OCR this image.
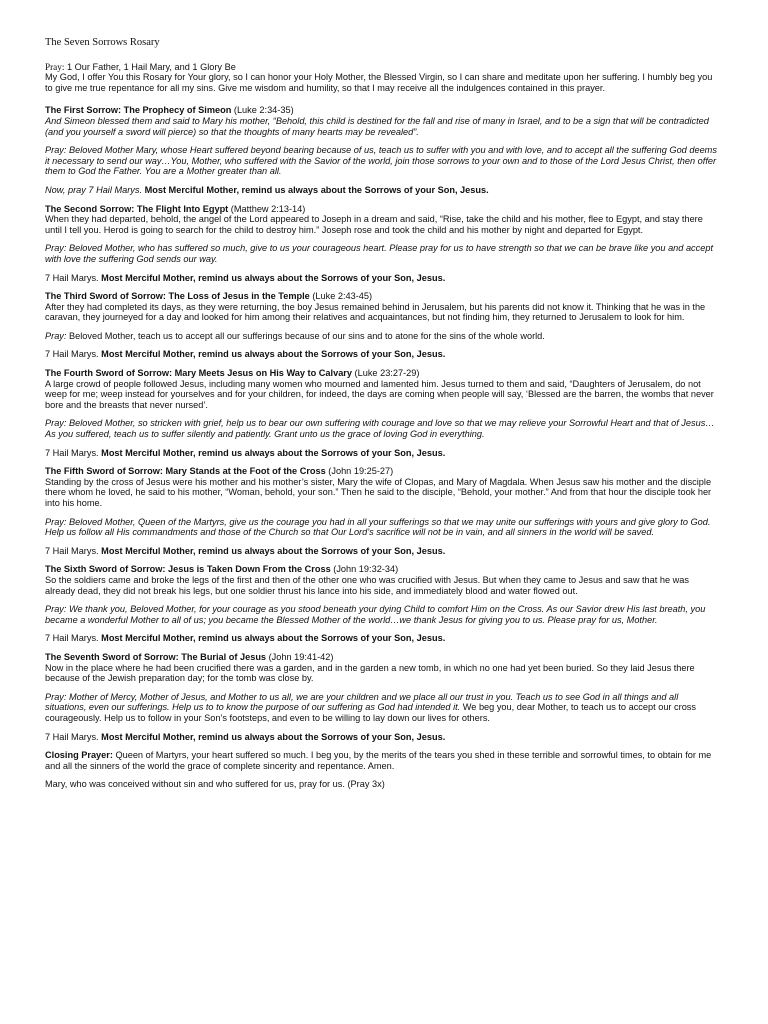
The Seven Sorrows Rosary

Pray: 1 Our Father, 1 Hail Mary, and 1 Glory Be

My God, I offer You this Rosary for Your glory, so I can honor your Holy Mother, the Blessed Virgin, so I can share and meditate upon her suffering. I humbly beg you to give me true repentance for all my sins. Give me wisdom and humility, so that I may receive all the indulgences contained in this prayer.

The First Sorrow: The Prophecy of Simeon (Luke 2:34-35)

And Simeon blessed them and said to Mary his mother, “Behold, this child is destined for the fall and rise of many in Israel, and to be a sign that will be contradicted (and you yourself a sword will pierce) so that the thoughts of many hearts may be revealed”.

Pray: Beloved Mother Mary, whose Heart suffered beyond bearing because of us, teach us to suffer with you and with love, and to accept all the suffering God deems it necessary to send our way…You, Mother, who suffered with the Savior of the world, join those sorrows to your own and to those of the Lord Jesus Christ, then offer them to God the Father. You are a Mother greater than all.

Now, pray 7 Hail Marys. Most Merciful Mother, remind us always about the Sorrows of your Son, Jesus.

The Second Sorrow: The Flight Into Egypt (Matthew 2:13-14)

When they had departed, behold, the angel of the Lord appeared to Joseph in a dream and said, “Rise, take the child and his mother, flee to Egypt, and stay there until I tell you. Herod is going to search for the child to destroy him.” Joseph rose and took the child and his mother by night and departed for Egypt.

Pray: Beloved Mother, who has suffered so much, give to us your courageous heart. Please pray for us to have strength so that we can be brave like you and accept with love the suffering God sends our way.

7 Hail Marys. Most Merciful Mother, remind us always about the Sorrows of your Son, Jesus.

The Third Sword of Sorrow: The Loss of Jesus in the Temple (Luke 2:43-45)

After they had completed its days, as they were returning, the boy Jesus remained behind in Jerusalem, but his parents did not know it. Thinking that he was in the caravan, they journeyed for a day and looked for him among their relatives and acquaintances, but not finding him, they returned to Jerusalem to look for him.

Pray: Beloved Mother, teach us to accept all our sufferings because of our sins and to atone for the sins of the whole world.

7 Hail Marys. Most Merciful Mother, remind us always about the Sorrows of your Son, Jesus.

The Fourth Sword of Sorrow: Mary Meets Jesus on His Way to Calvary (Luke 23:27-29)

A large crowd of people followed Jesus, including many women who mourned and lamented him. Jesus turned to them and said, “Daughters of Jerusalem, do not weep for me; weep instead for yourselves and for your children, for indeed, the days are coming when people will say, ‘Blessed are the barren, the wombs that never bore and the breasts that never nursed’.

Pray: Beloved Mother, so stricken with grief, help us to bear our own suffering with courage and love so that we may relieve your Sorrowful Heart and that of Jesus… As you suffered, teach us to suffer silently and patiently. Grant unto us the grace of loving God in everything.

7 Hail Marys. Most Merciful Mother, remind us always about the Sorrows of your Son, Jesus.

The Fifth Sword of Sorrow: Mary Stands at the Foot of the Cross (John 19:25-27)

Standing by the cross of Jesus were his mother and his mother’s sister, Mary the wife of Clopas, and Mary of Magdala. When Jesus saw his mother and the disciple there whom he loved, he said to his mother, “Woman, behold, your son.” Then he said to the disciple, “Behold, your mother.” And from that hour the disciple took her into his home.

Pray: Beloved Mother, Queen of the Martyrs, give us the courage you had in all your sufferings so that we may unite our sufferings with yours and give glory to God. Help us follow all His commandments and those of the Church so that Our Lord’s sacrifice will not be in vain, and all sinners in the world will be saved.

7 Hail Marys. Most Merciful Mother, remind us always about the Sorrows of your Son, Jesus.

The Sixth Sword of Sorrow: Jesus is Taken Down From the Cross (John 19:32-34)

So the soldiers came and broke the legs of the first and then of the other one who was crucified with Jesus. But when they came to Jesus and saw that he was already dead, they did not break his legs, but one soldier thrust his lance into his side, and immediately blood and water flowed out.

Pray: We thank you, Beloved Mother, for your courage as you stood beneath your dying Child to comfort Him on the Cross. As our Savior drew His last breath, you became a wonderful Mother to all of us; you became the Blessed Mother of the world…we thank Jesus for giving you to us. Please pray for us, Mother.

7 Hail Marys. Most Merciful Mother, remind us always about the Sorrows of your Son, Jesus.

The Seventh Sword of Sorrow: The Burial of Jesus (John 19:41-42)

Now in the place where he had been crucified there was a garden, and in the garden a new tomb, in which no one had yet been buried. So they laid Jesus there because of the Jewish preparation day; for the tomb was close by.

Pray: Mother of Mercy, Mother of Jesus, and Mother to us all, we are your children and we place all our trust in you. Teach us to see God in all things and all situations, even our sufferings. Help us to to know the purpose of our suffering as God had intended it. We beg you, dear Mother, to teach us to accept our cross courageously. Help us to follow in your Son’s footsteps, and even to be willing to lay down our lives for others.

7 Hail Marys. Most Merciful Mother, remind us always about the Sorrows of your Son, Jesus.

Closing Prayer: Queen of Martyrs, your heart suffered so much. I beg you, by the merits of the tears you shed in these terrible and sorrowful times, to obtain for me and all the sinners of the world the grace of complete sincerity and repentance. Amen.

Mary, who was conceived without sin and who suffered for us, pray for us. (Pray 3x)
